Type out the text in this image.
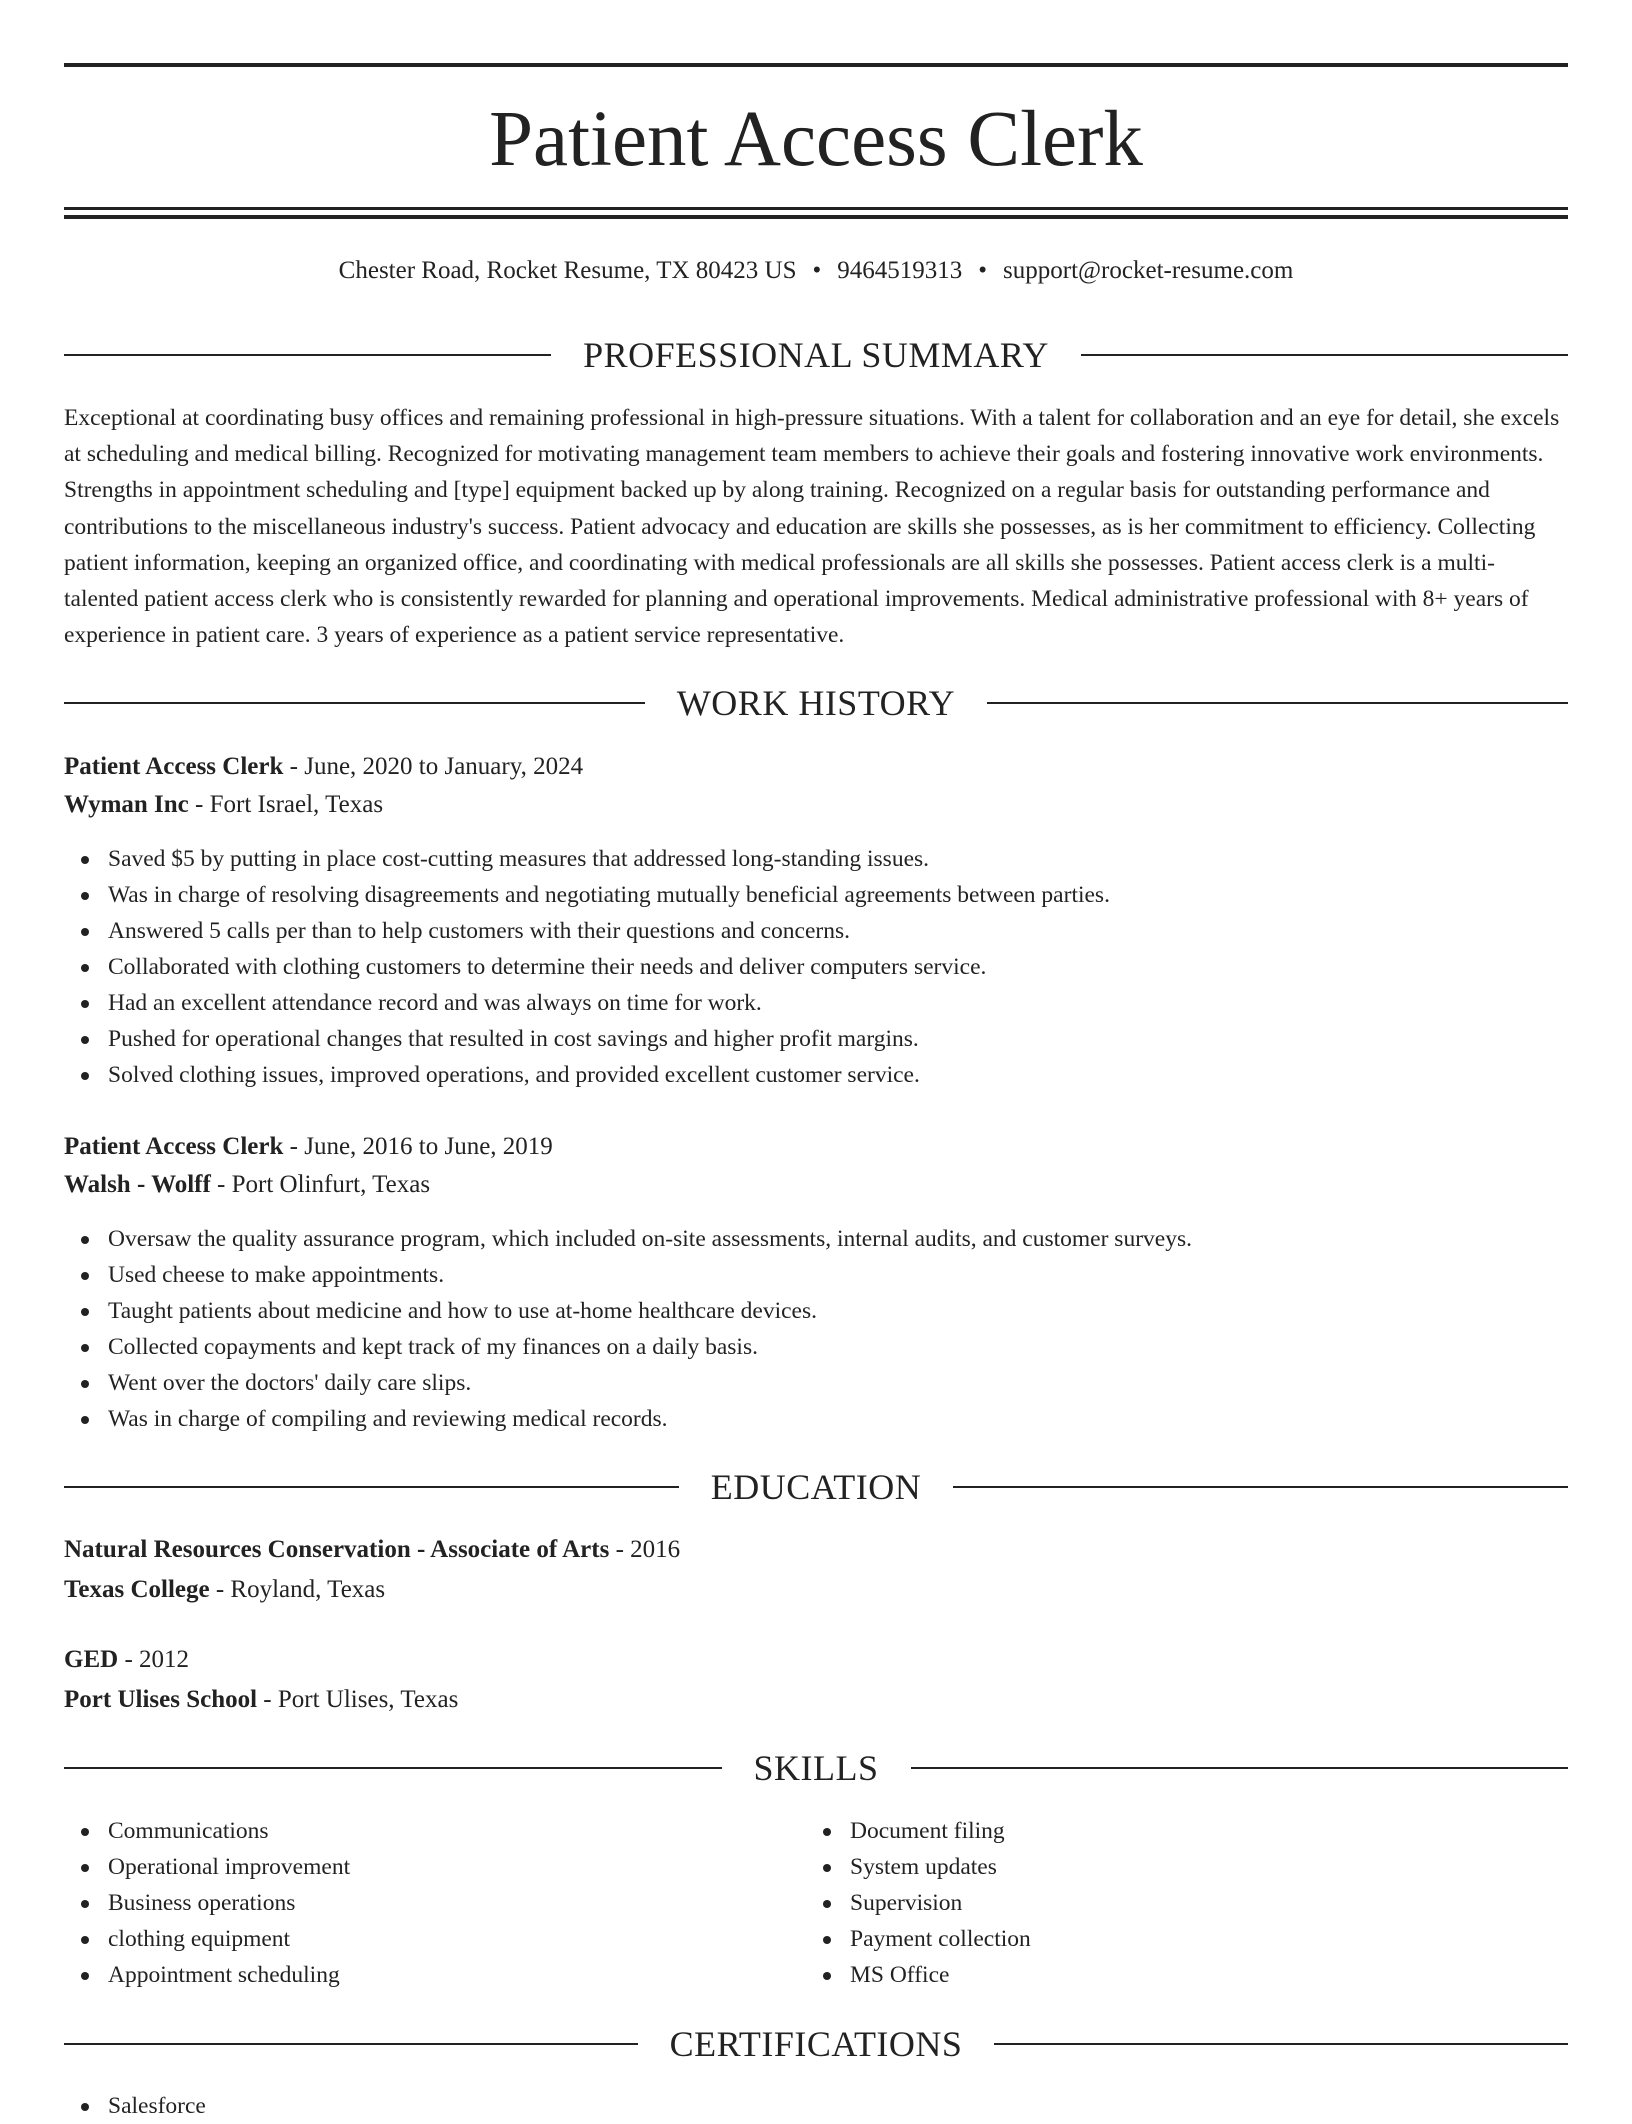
Patient Access Clerk
Chester Road, Rocket Resume, TX 80423 US • 9464519313 • support@rocket-resume.com
PROFESSIONAL SUMMARY

Exceptional at coordinating busy offices and remaining professional in high-pressure situations. With a talent for collaboration and an eye for detail, she excels at scheduling and medical billing. Recognized for motivating management team members to achieve their goals and fostering innovative work environments. Strengths in appointment scheduling and [type] equipment backed up by along training. Recognized on a regular basis for outstanding performance and contributions to the miscellaneous industry's success. Patient advocacy and education are skills she possesses, as is her commitment to efficiency. Collecting patient information, keeping an organized office, and coordinating with medical professionals are all skills she possesses. Patient access clerk is a multi-talented patient access clerk who is consistently rewarded for planning and operational improvements. Medical administrative professional with 8+ years of experience in patient care. 3 years of experience as a patient service representative.

WORK HISTORY
Patient Access Clerk - June, 2020 to January, 2024
Wyman Inc - Fort Israel, Texas
Saved $5 by putting in place cost-cutting measures that addressed long-standing issues.
Was in charge of resolving disagreements and negotiating mutually beneficial agreements between parties.
Answered 5 calls per than to help customers with their questions and concerns.
Collaborated with clothing customers to determine their needs and deliver computers service.
Had an excellent attendance record and was always on time for work.
Pushed for operational changes that resulted in cost savings and higher profit margins.
Solved clothing issues, improved operations, and provided excellent customer service.
Patient Access Clerk - June, 2016 to June, 2019
Walsh - Wolff - Port Olinfurt, Texas
Oversaw the quality assurance program, which included on-site assessments, internal audits, and customer surveys.
Used cheese to make appointments.
Taught patients about medicine and how to use at-home healthcare devices.
Collected copayments and kept track of my finances on a daily basis.
Went over the doctors' daily care slips.
Was in charge of compiling and reviewing medical records.
EDUCATION
Natural Resources Conservation - Associate of Arts - 2016
Texas College - Royland, Texas
GED - 2012
Port Ulises School - Port Ulises, Texas
SKILLS
Communications
Operational improvement
Business operations
clothing equipment
Appointment scheduling
Document filing
System updates
Supervision
Payment collection
MS Office
CERTIFICATIONS
Salesforce
